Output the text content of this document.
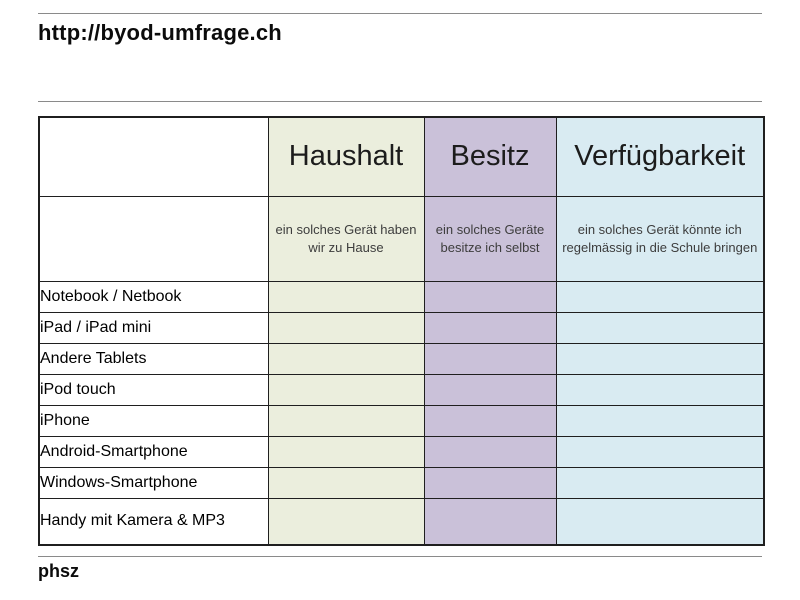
http://byod-umfrage.ch
	Haushalt	Besitz	Verfügbarkeit
	ein solches Gerät haben wir zu Hause	ein solches Geräte besitze ich selbst	ein solches Gerät könnte ich regelmässig in die Schule bringen
Notebook / Netbook			
iPad / iPad mini			
Andere Tablets			
iPod touch			
iPhone			
Android-Smartphone			
Windows-Smartphone			
Handy mit Kamera & MP3			
phsz
